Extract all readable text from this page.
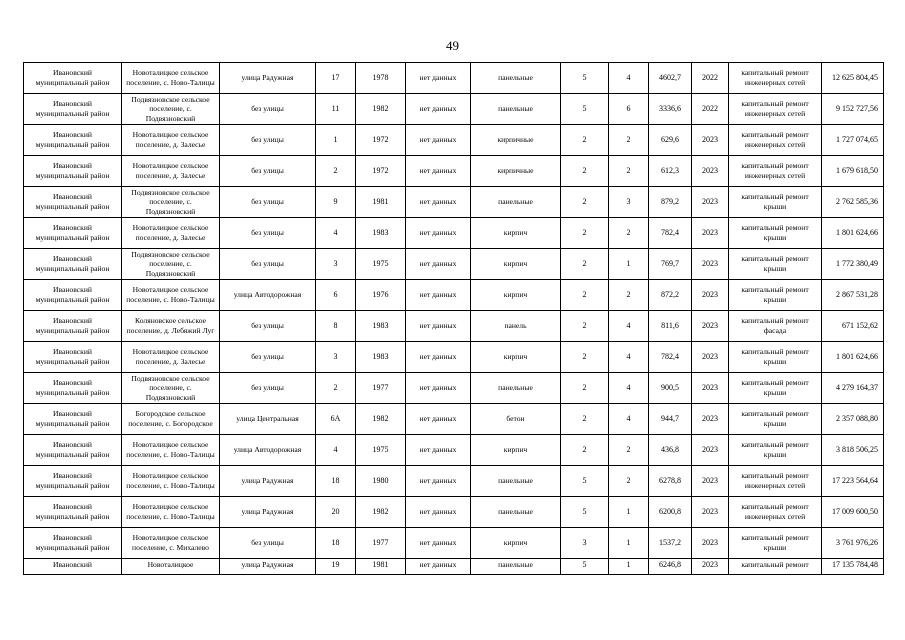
49
Ивановский муниципальный район	Новоталицкое сельское поселение, с. Ново-Талицы	улица Радужная	17	1978	нет данных	панельные	5	4	4602,7	2022	капитальный ремонт инженерных сетей	12 625 804,45
Ивановский муниципальный район	Подвязновское сельское поселение, с. Подвязновский	без улицы	11	1982	нет данных	панельные	5	6	3336,6	2022	капитальный ремонт инженерных сетей	9 152 727,56
Ивановский муниципальный район	Новоталицкое сельское поселение, д. Залесье	без улицы	1	1972	нет данных	кирпичные	2	2	629,6	2023	капитальный ремонт инженерных сетей	1 727 074,65
Ивановский муниципальный район	Новоталицкое сельское поселение, д. Залесье	без улицы	2	1972	нет данных	кирпичные	2	2	612,3	2023	капитальный ремонт инженерных сетей	1 679 618,50
Ивановский муниципальный район	Подвязновское сельское поселение, с. Подвязновский	без улицы	9	1981	нет данных	панельные	2	3	879,2	2023	капитальный ремонт крыши	2 762 585,36
Ивановский муниципальный район	Новоталицкое сельское поселение, д. Залесье	без улицы	4	1983	нет данных	кирпич	2	2	782,4	2023	капитальный ремонт крыши	1 801 624,66
Ивановский муниципальный район	Подвязновское сельское поселение, с. Подвязновский	без улицы	3	1975	нет данных	кирпич	2	1	769,7	2023	капитальный ремонт крыши	1 772 380,49
Ивановский муниципальный район	Новоталицкое сельское поселение, с. Ново-Талицы	улица Автодорожная	6	1976	нет данных	кирпич	2	2	872,2	2023	капитальный ремонт крыши	2 867 531,28
Ивановский муниципальный район	Коляновское сельское поселение, д. Лебяжий Луг	без улицы	8	1983	нет данных	панель	2	4	811,6	2023	капитальный ремонт фасада	671 152,62
Ивановский муниципальный район	Новоталицкое сельское поселение, д. Залесье	без улицы	3	1983	нет данных	кирпич	2	4	782,4	2023	капитальный ремонт крыши	1 801 624,66
Ивановский муниципальный район	Подвязновское сельское поселение, с. Подвязновский	без улицы	2	1977	нет данных	панельные	2	4	900,5	2023	капитальный ремонт крыши	4 279 164,37
Ивановский муниципальный район	Богородское сельское поселение, с. Богородское	улица Центральная	6А	1982	нет данных	бетон	2	4	944,7	2023	капитальный ремонт крыши	2 357 088,80
Ивановский муниципальный район	Новоталицкое сельское поселение, с. Ново-Талицы	улица Автодорожная	4	1975	нет данных	кирпич	2	2	436,8	2023	капитальный ремонт крыши	3 818 506,25
Ивановский муниципальный район	Новоталицкое сельское поселение, с. Ново-Талицы	улица Радужная	18	1980	нет данных	панельные	5	2	6278,8	2023	капитальный ремонт инженерных сетей	17 223 564,64
Ивановский муниципальный район	Новоталицкое сельское поселение, с. Ново-Талицы	улица Радужная	20	1982	нет данных	панельные	5	1	6200,8	2023	капитальный ремонт инженерных сетей	17 009 600,50
Ивановский муниципальный район	Новоталицкое сельское поселение, с. Михалево	без улицы	18	1977	нет данных	кирпич	3	1	1537,2	2023	капитальный ремонт крыши	3 761 976,26
Ивановский	Новоталицкое	улица Радужная	19	1981	нет данных	панельные	5	1	6246,8	2023	капитальный ремонт	17 135 784,48
